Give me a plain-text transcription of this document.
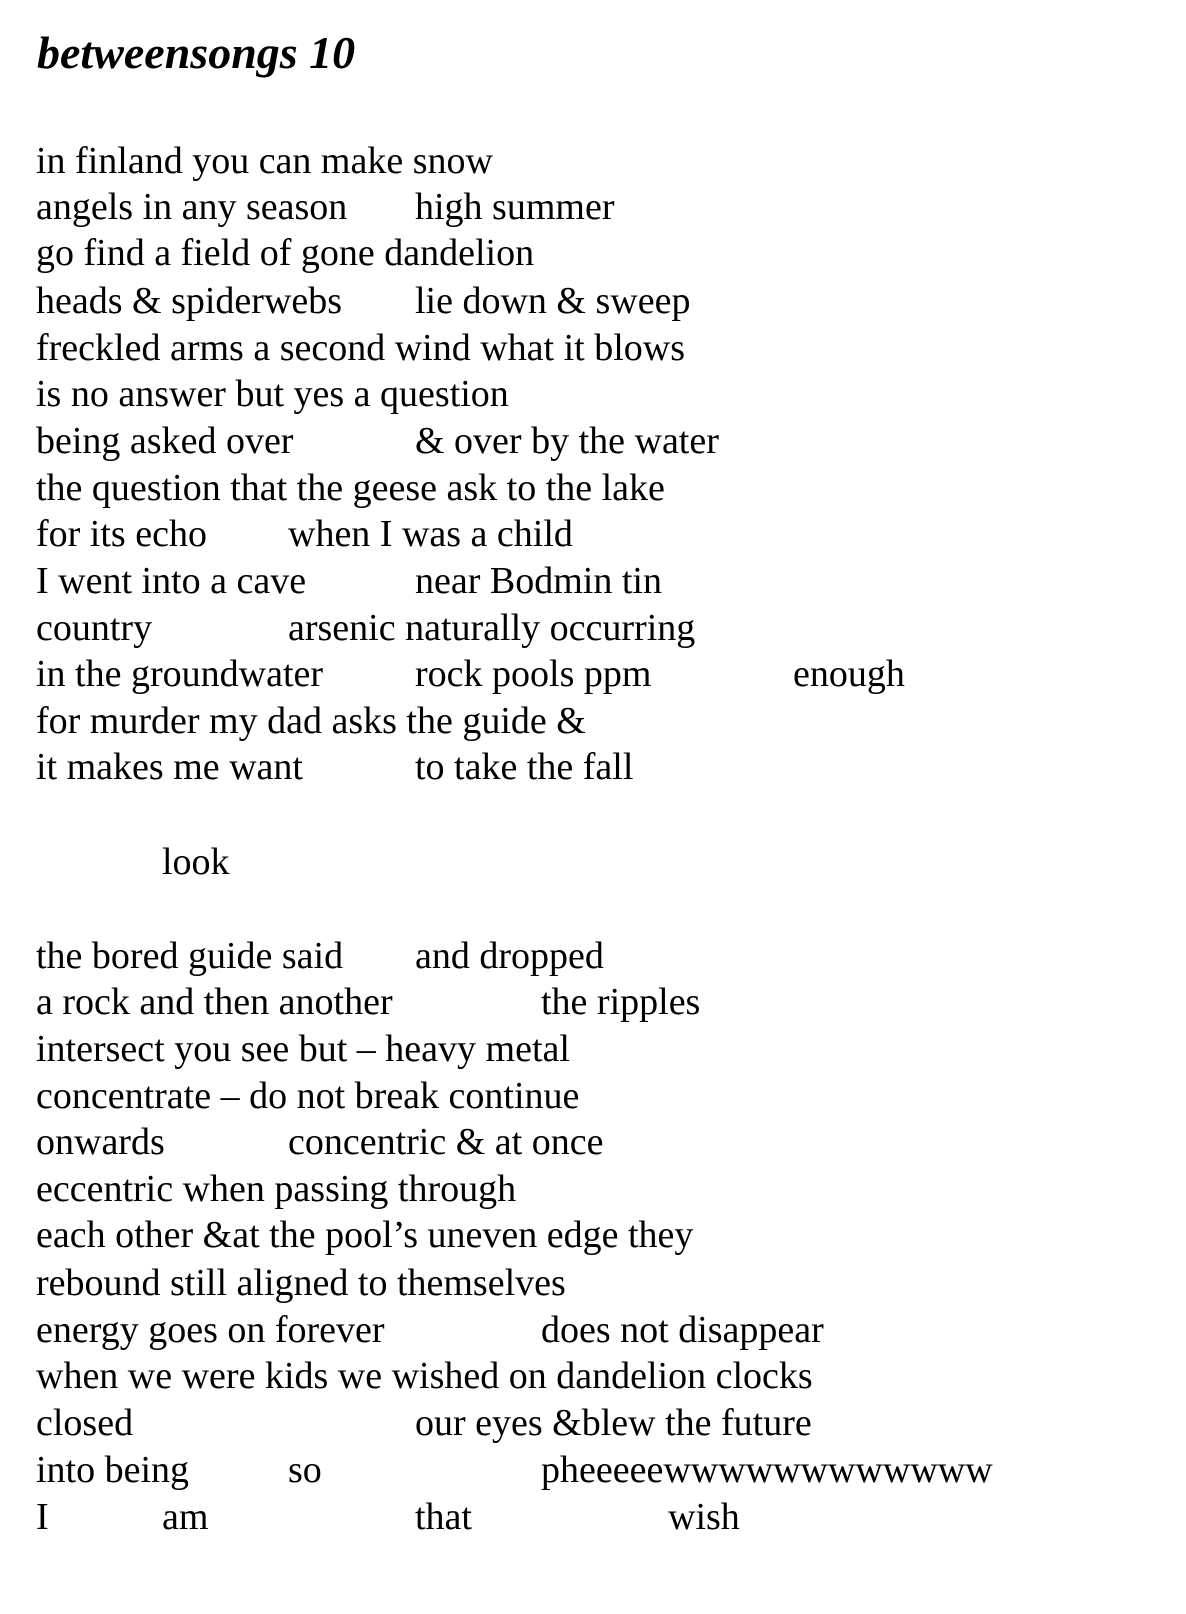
betweensongs 10
in finland you can make snow
angels in any season high summer
go find a field of gone dandelion
heads & spiderwebs lie down & sweep
freckled arms a second wind what it blows
is no answer but yes a question
being asked over	& over by the water
the question that the geese ask to the lake
for its echo when I was a child
I went into a cave	near Bodmin tin
country	arsenic naturally occurring
in the groundwater rock pools ppm	enough
for murder my dad asks the guide &
it makes me want	to take the fall
look
the bored guide said and dropped
a rock and then another	the ripples
intersect you see but – heavy metal
concentrate – do not break continue
onwards	concentric & at once
eccentric when passing through
each other &at the pool’s uneven edge they
rebound still aligned to themselves
energy goes on forever	does not disappear
when we were kids we wished on dandelion clocks
closed	our eyes &blew the future
into being	so	pheeeeewwwwwwwwwwww
I	am	that	wish
